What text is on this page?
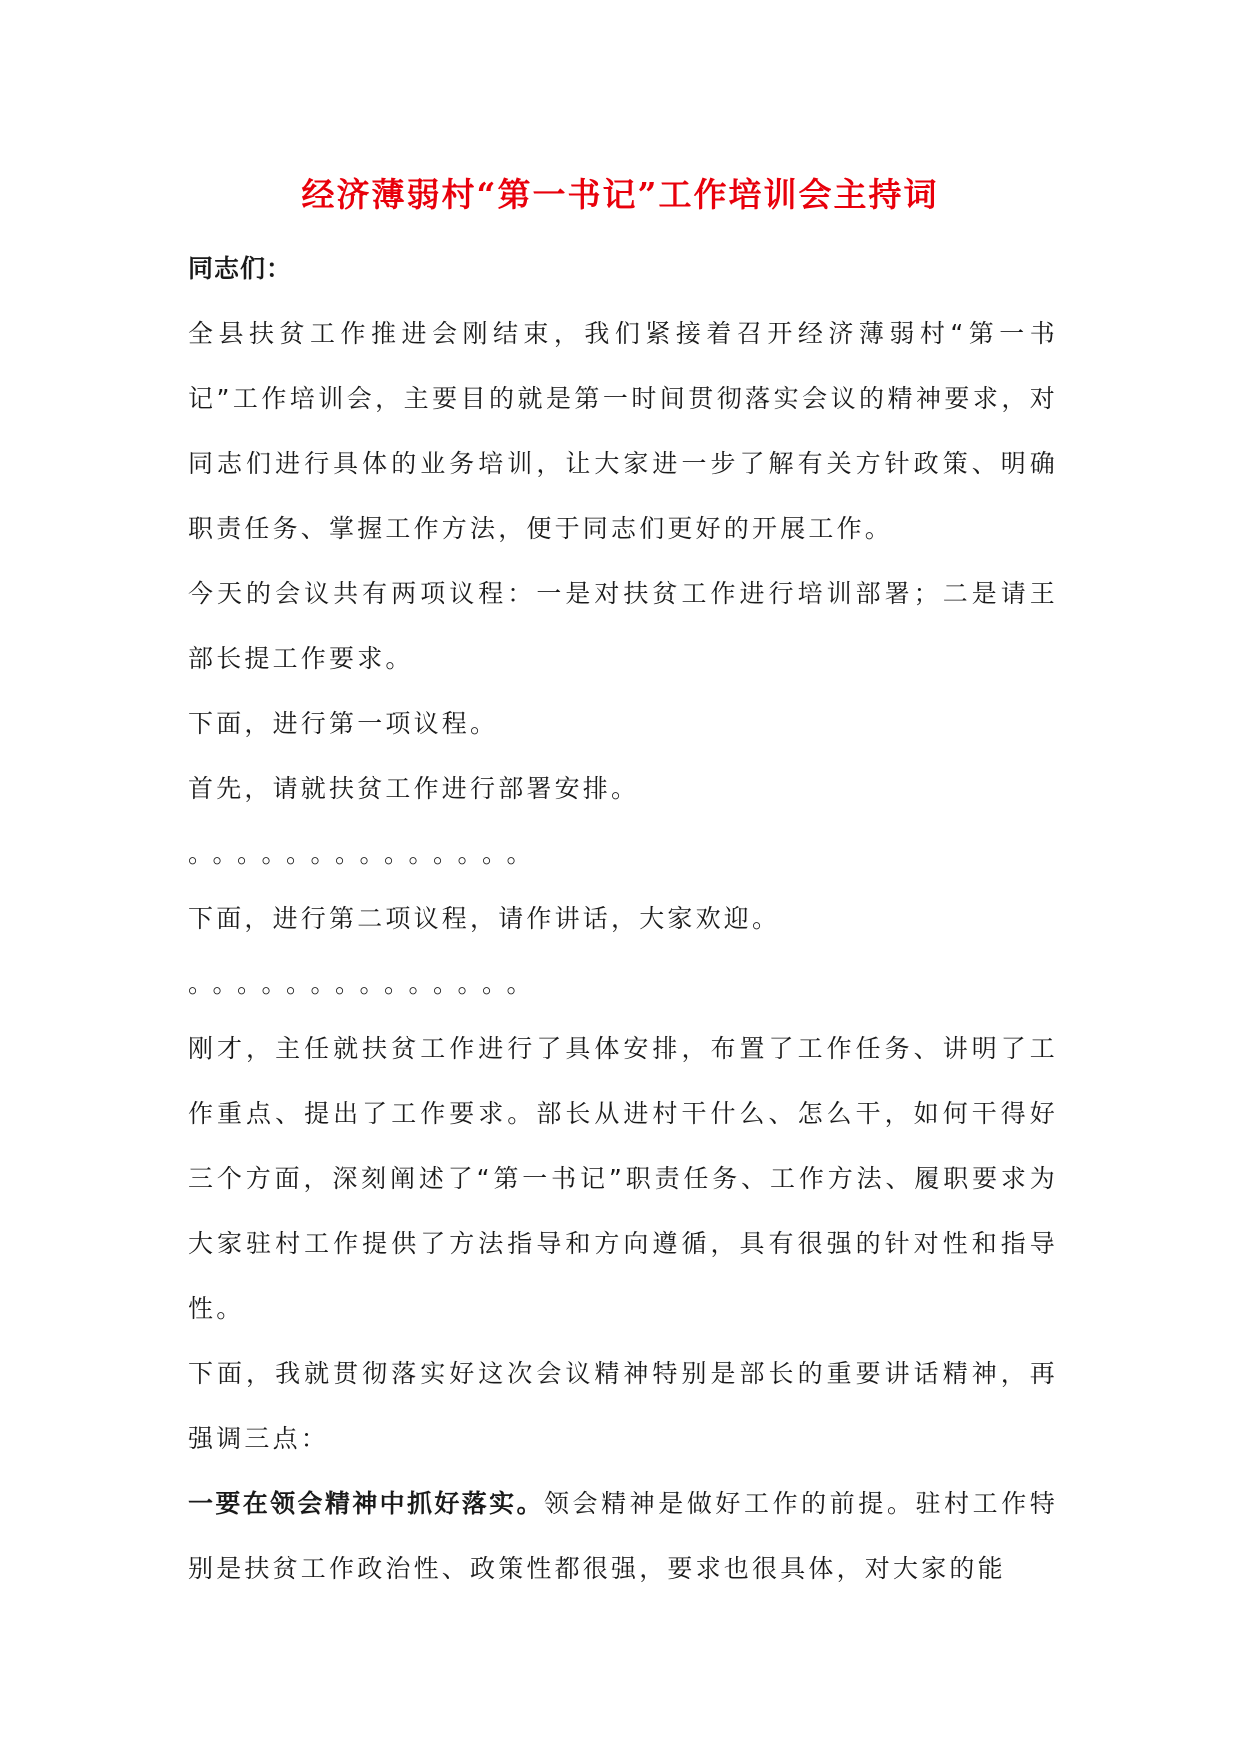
经济薄弱村“第一书记”工作培训会主持词

同志们：

全县扶贫工作推进会刚结束，我们紧接着召开经济薄弱村“第一书记”工作培训会，主要目的就是第一时间贯彻落实会议的精神要求，对同志们进行具体的业务培训，让大家进一步了解有关方针政策、明确职责任务、掌握工作方法，便于同志们更好的开展工作。

今天的会议共有两项议程：一是对扶贫工作进行培训部署；二是请王部长提工作要求。

下面，进行第一项议程。

首先，请就扶贫工作进行部署安排。

。。。。。。。。。。。。。。

下面，进行第二项议程，请作讲话，大家欢迎。

。。。。。。。。。。。。。。

刚才，主任就扶贫工作进行了具体安排，布置了工作任务、讲明了工作重点、提出了工作要求。部长从进村干什么、怎么干，如何干得好三个方面，深刻阐述了“第一书记”职责任务、工作方法、履职要求为大家驻村工作提供了方法指导和方向遵循，具有很强的针对性和指导性。

下面，我就贯彻落实好这次会议精神特别是部长的重要讲话精神，再强调三点：

一要在领会精神中抓好落实。领会精神是做好工作的前提。驻村工作特别是扶贫工作政治性、政策性都很强，要求也很具体，对大家的能
